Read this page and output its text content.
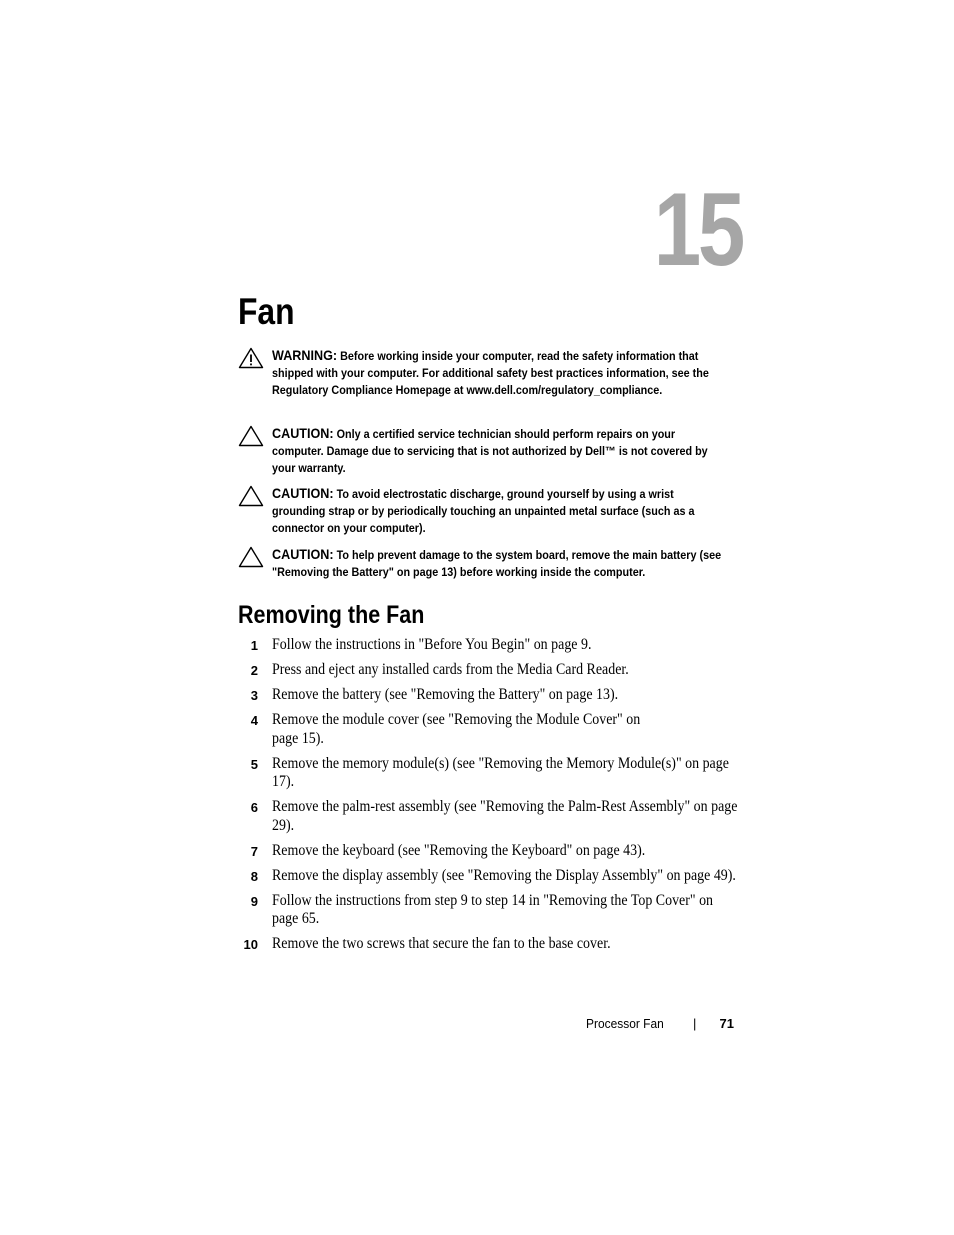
15
Fan
WARNING: Before working inside your computer, read the safety information that shipped with your computer. For additional safety best practices information, see the Regulatory Compliance Homepage at www.dell.com/regulatory_compliance.
CAUTION: Only a certified service technician should perform repairs on your computer. Damage due to servicing that is not authorized by Dell™ is not covered by your warranty.
CAUTION: To avoid electrostatic discharge, ground yourself by using a wrist grounding strap or by periodically touching an unpainted metal surface (such as a connector on your computer).
CAUTION: To help prevent damage to the system board, remove the main battery (see "Removing the Battery" on page 13) before working inside the computer.
Removing the Fan
1 Follow the instructions in "Before You Begin" on page 9.
2 Press and eject any installed cards from the Media Card Reader.
3 Remove the battery (see "Removing the Battery" on page 13).
4 Remove the module cover (see "Removing the Module Cover" on page 15).
5 Remove the memory module(s) (see "Removing the Memory Module(s)" on page 17).
6 Remove the palm-rest assembly (see "Removing the Palm-Rest Assembly" on page 29).
7 Remove the keyboard (see "Removing the Keyboard" on page 43).
8 Remove the display assembly (see "Removing the Display Assembly" on page 49).
9 Follow the instructions from step 9 to step 14 in "Removing the Top Cover" on page 65.
10 Remove the two screws that secure the fan to the base cover.
Processor Fan | 71
